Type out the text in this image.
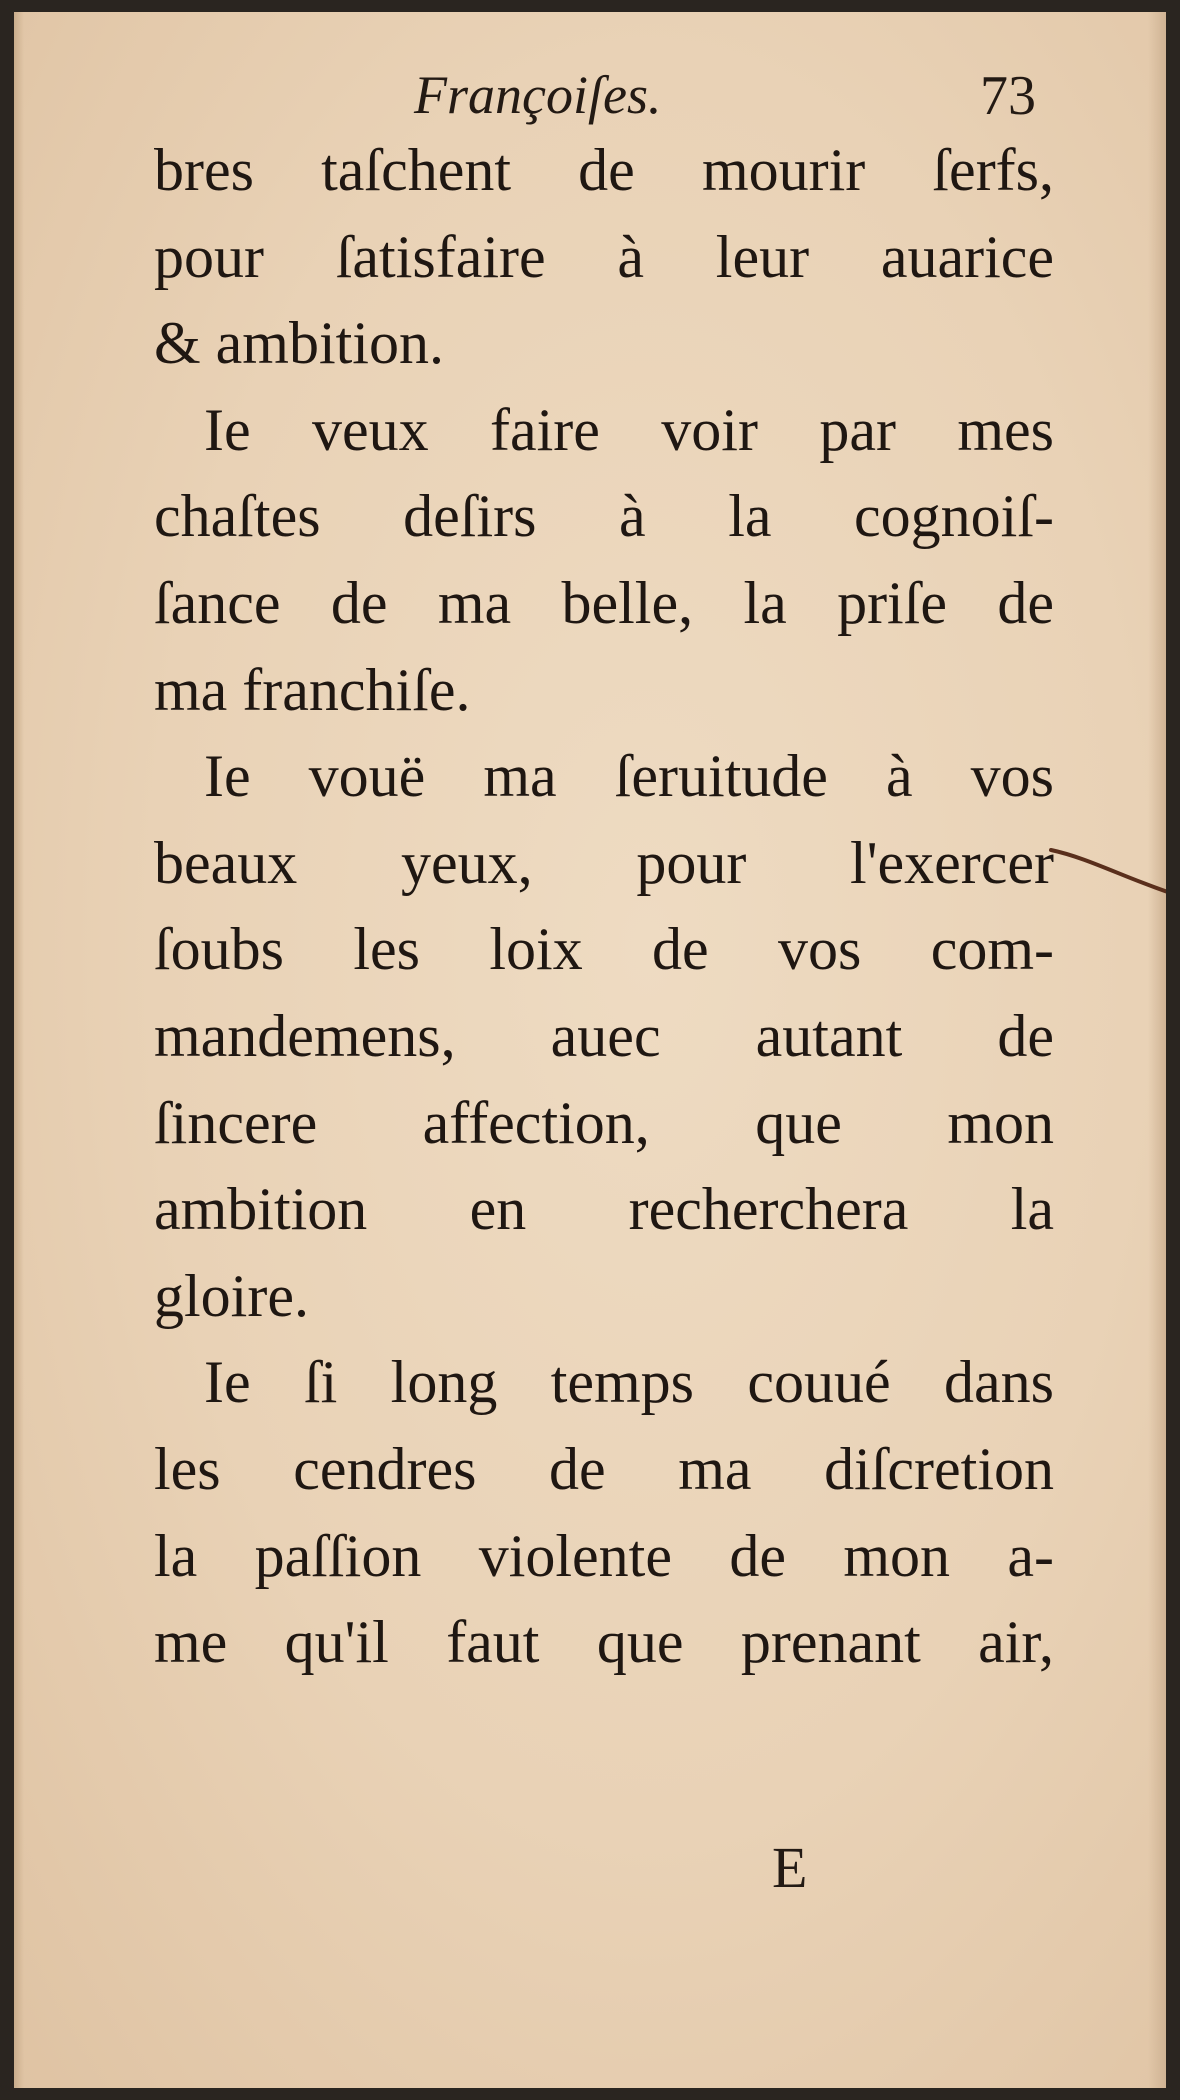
Françoiſes.	73
bres taſchent de mourir ſerfs,
pour ſatisfaire à leur auarice
& ambition.
Ie veux faire voir par mes
chaſtes deſirs à la cognoiſ-
ſance de ma belle, la priſe de
ma franchiſe.
Ie vouë ma ſeruitude à vos
beaux yeux, pour l'exercer
ſoubs les loix de vos com-
mandemens, auec autant de
ſincere affection, que mon
ambition en recherchera la
gloire.
Ie ſi long temps couué dans
les cendres de ma diſcretion
la paſſion violente de mon a-
me qu'il faut que prenant air,
E
